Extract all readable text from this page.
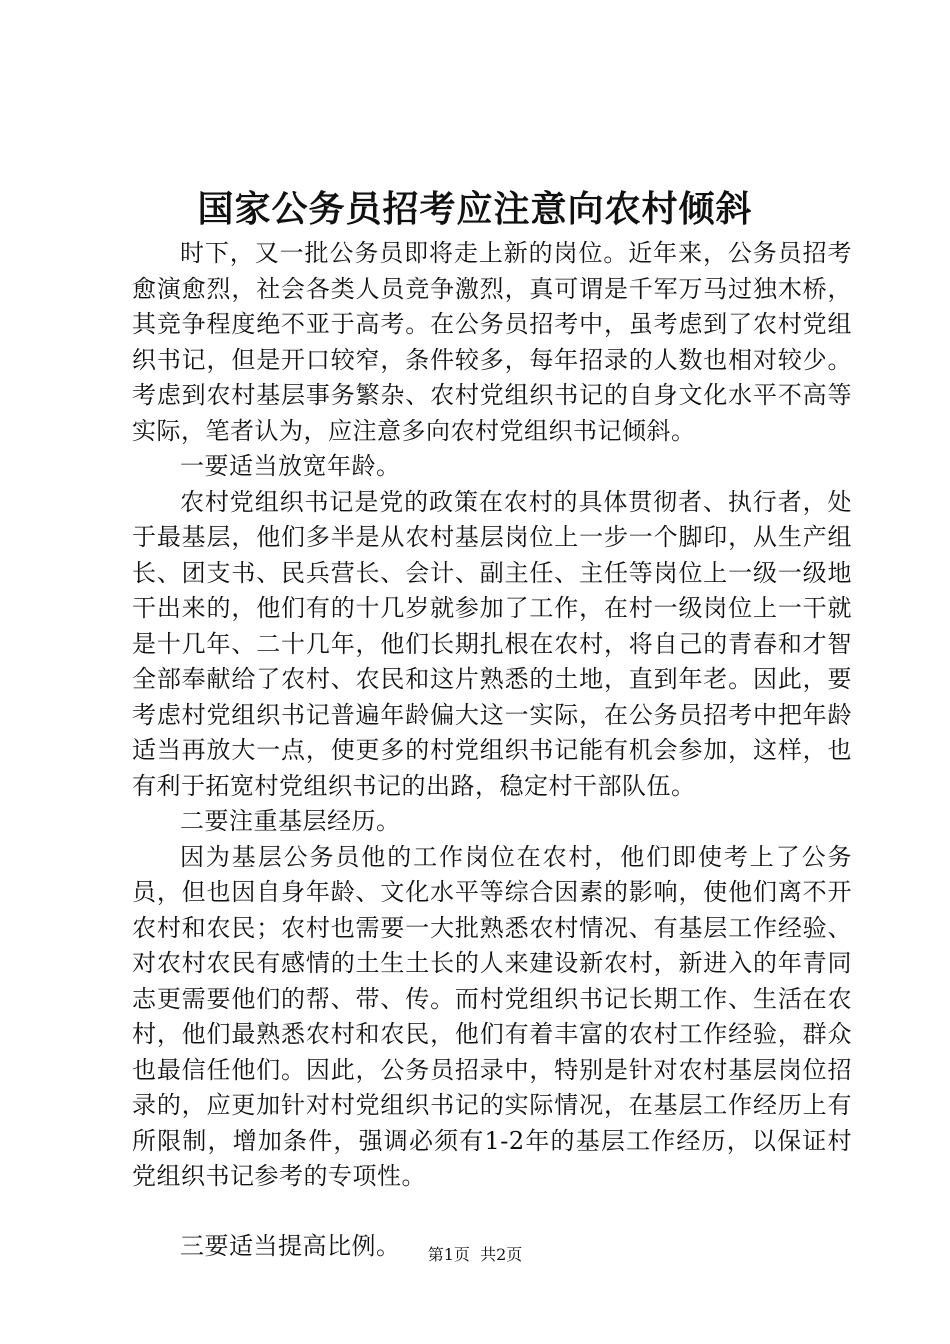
国家公务员招考应注意向农村倾斜

时下，又一批公务员即将走上新的岗位。近年来，公务员招考愈演愈烈，社会各类人员竞争激烈，真可谓是千军万马过独木桥，其竞争程度绝不亚于高考。在公务员招考中，虽考虑到了农村党组织书记，但是开口较窄，条件较多，每年招录的人数也相对较少。考虑到农村基层事务繁杂、农村党组织书记的自身文化水平不高等实际，笔者认为，应注意多向农村党组织书记倾斜。

一要适当放宽年龄。

农村党组织书记是党的政策在农村的具体贯彻者、执行者，处于最基层，他们多半是从农村基层岗位上一步一个脚印，从生产组长、团支书、民兵营长、会计、副主任、主任等岗位上一级一级地干出来的，他们有的十几岁就参加了工作，在村一级岗位上一干就是十几年、二十几年，他们长期扎根在农村，将自己的青春和才智全部奉献给了农村、农民和这片熟悉的土地，直到年老。因此，要考虑村党组织书记普遍年龄偏大这一实际，在公务员招考中把年龄适当再放大一点，使更多的村党组织书记能有机会参加，这样，也有利于拓宽村党组织书记的出路，稳定村干部队伍。

二要注重基层经历。

因为基层公务员他的工作岗位在农村，他们即使考上了公务员，但也因自身年龄、文化水平等综合因素的影响，使他们离不开农村和农民；农村也需要一大批熟悉农村情况、有基层工作经验、对农村农民有感情的土生土长的人来建设新农村，新进入的年青同志更需要他们的帮、带、传。而村党组织书记长期工作、生活在农村，他们最熟悉农村和农民，他们有着丰富的农村工作经验，群众也最信任他们。因此，公务员招录中，特别是针对农村基层岗位招录的，应更加针对村党组织书记的实际情况，在基层工作经历上有所限制，增加条件，强调必须有1-2年的基层工作经历，以保证村党组织书记参考的专项性。

三要适当提高比例。	第1页  共2页
